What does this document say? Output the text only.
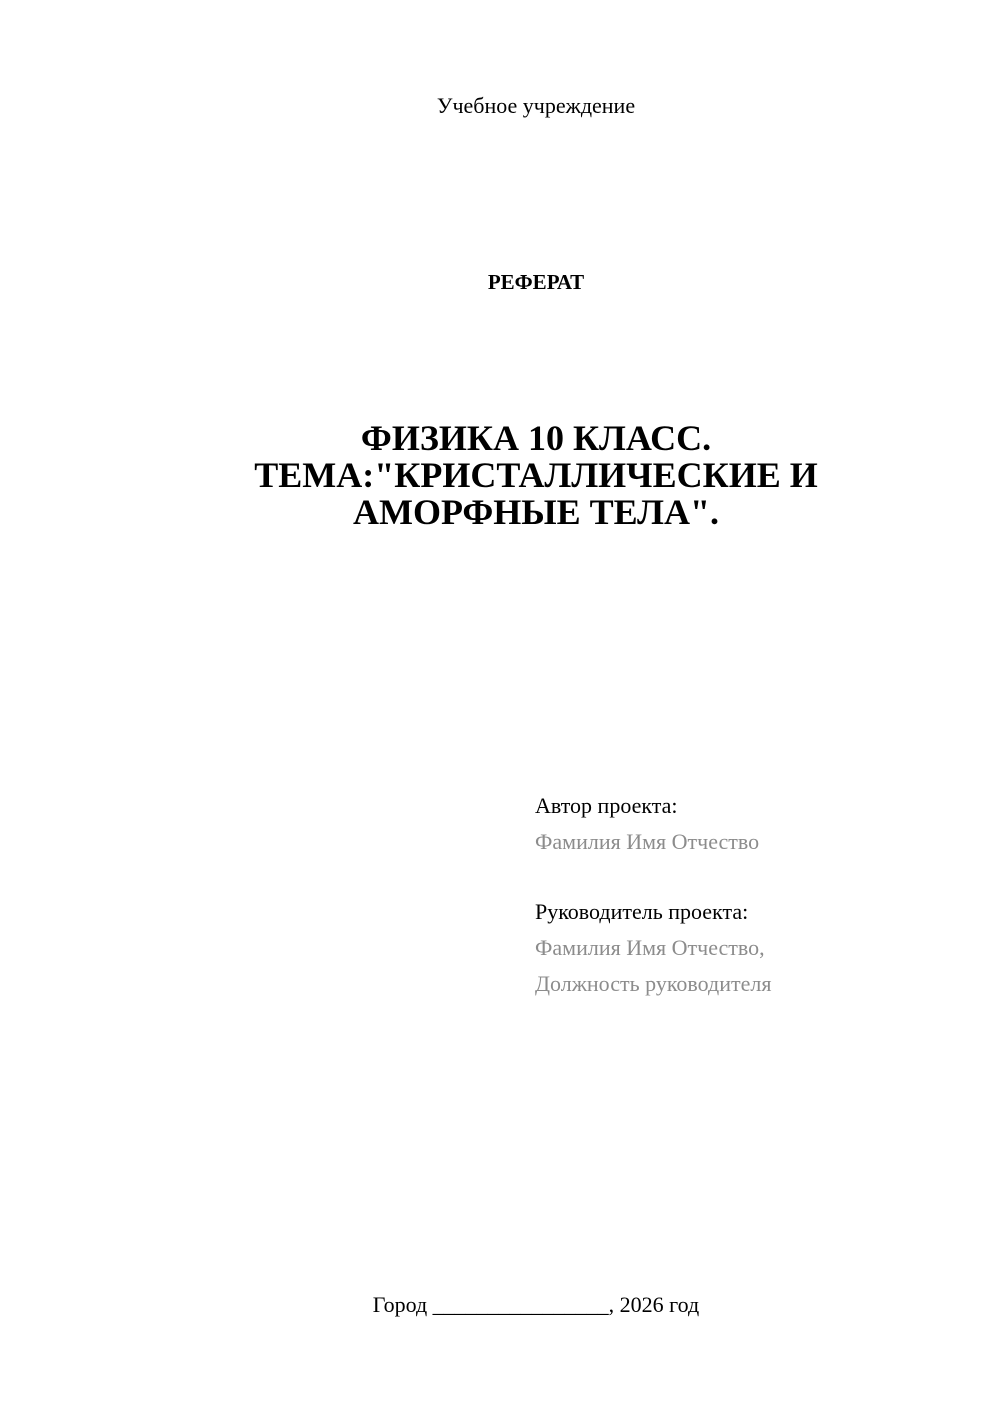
Учебное учреждение
РЕФЕРАТ
ФИЗИКА 10 КЛАСС.
ТЕМА:"КРИСТАЛЛИЧЕСКИЕ И
АМОРФНЫЕ ТЕЛА".
Автор проекта:
Фамилия Имя Отчество
Руководитель проекта:
Фамилия Имя Отчество,
Должность руководителя
Город ________________, 2026 год
